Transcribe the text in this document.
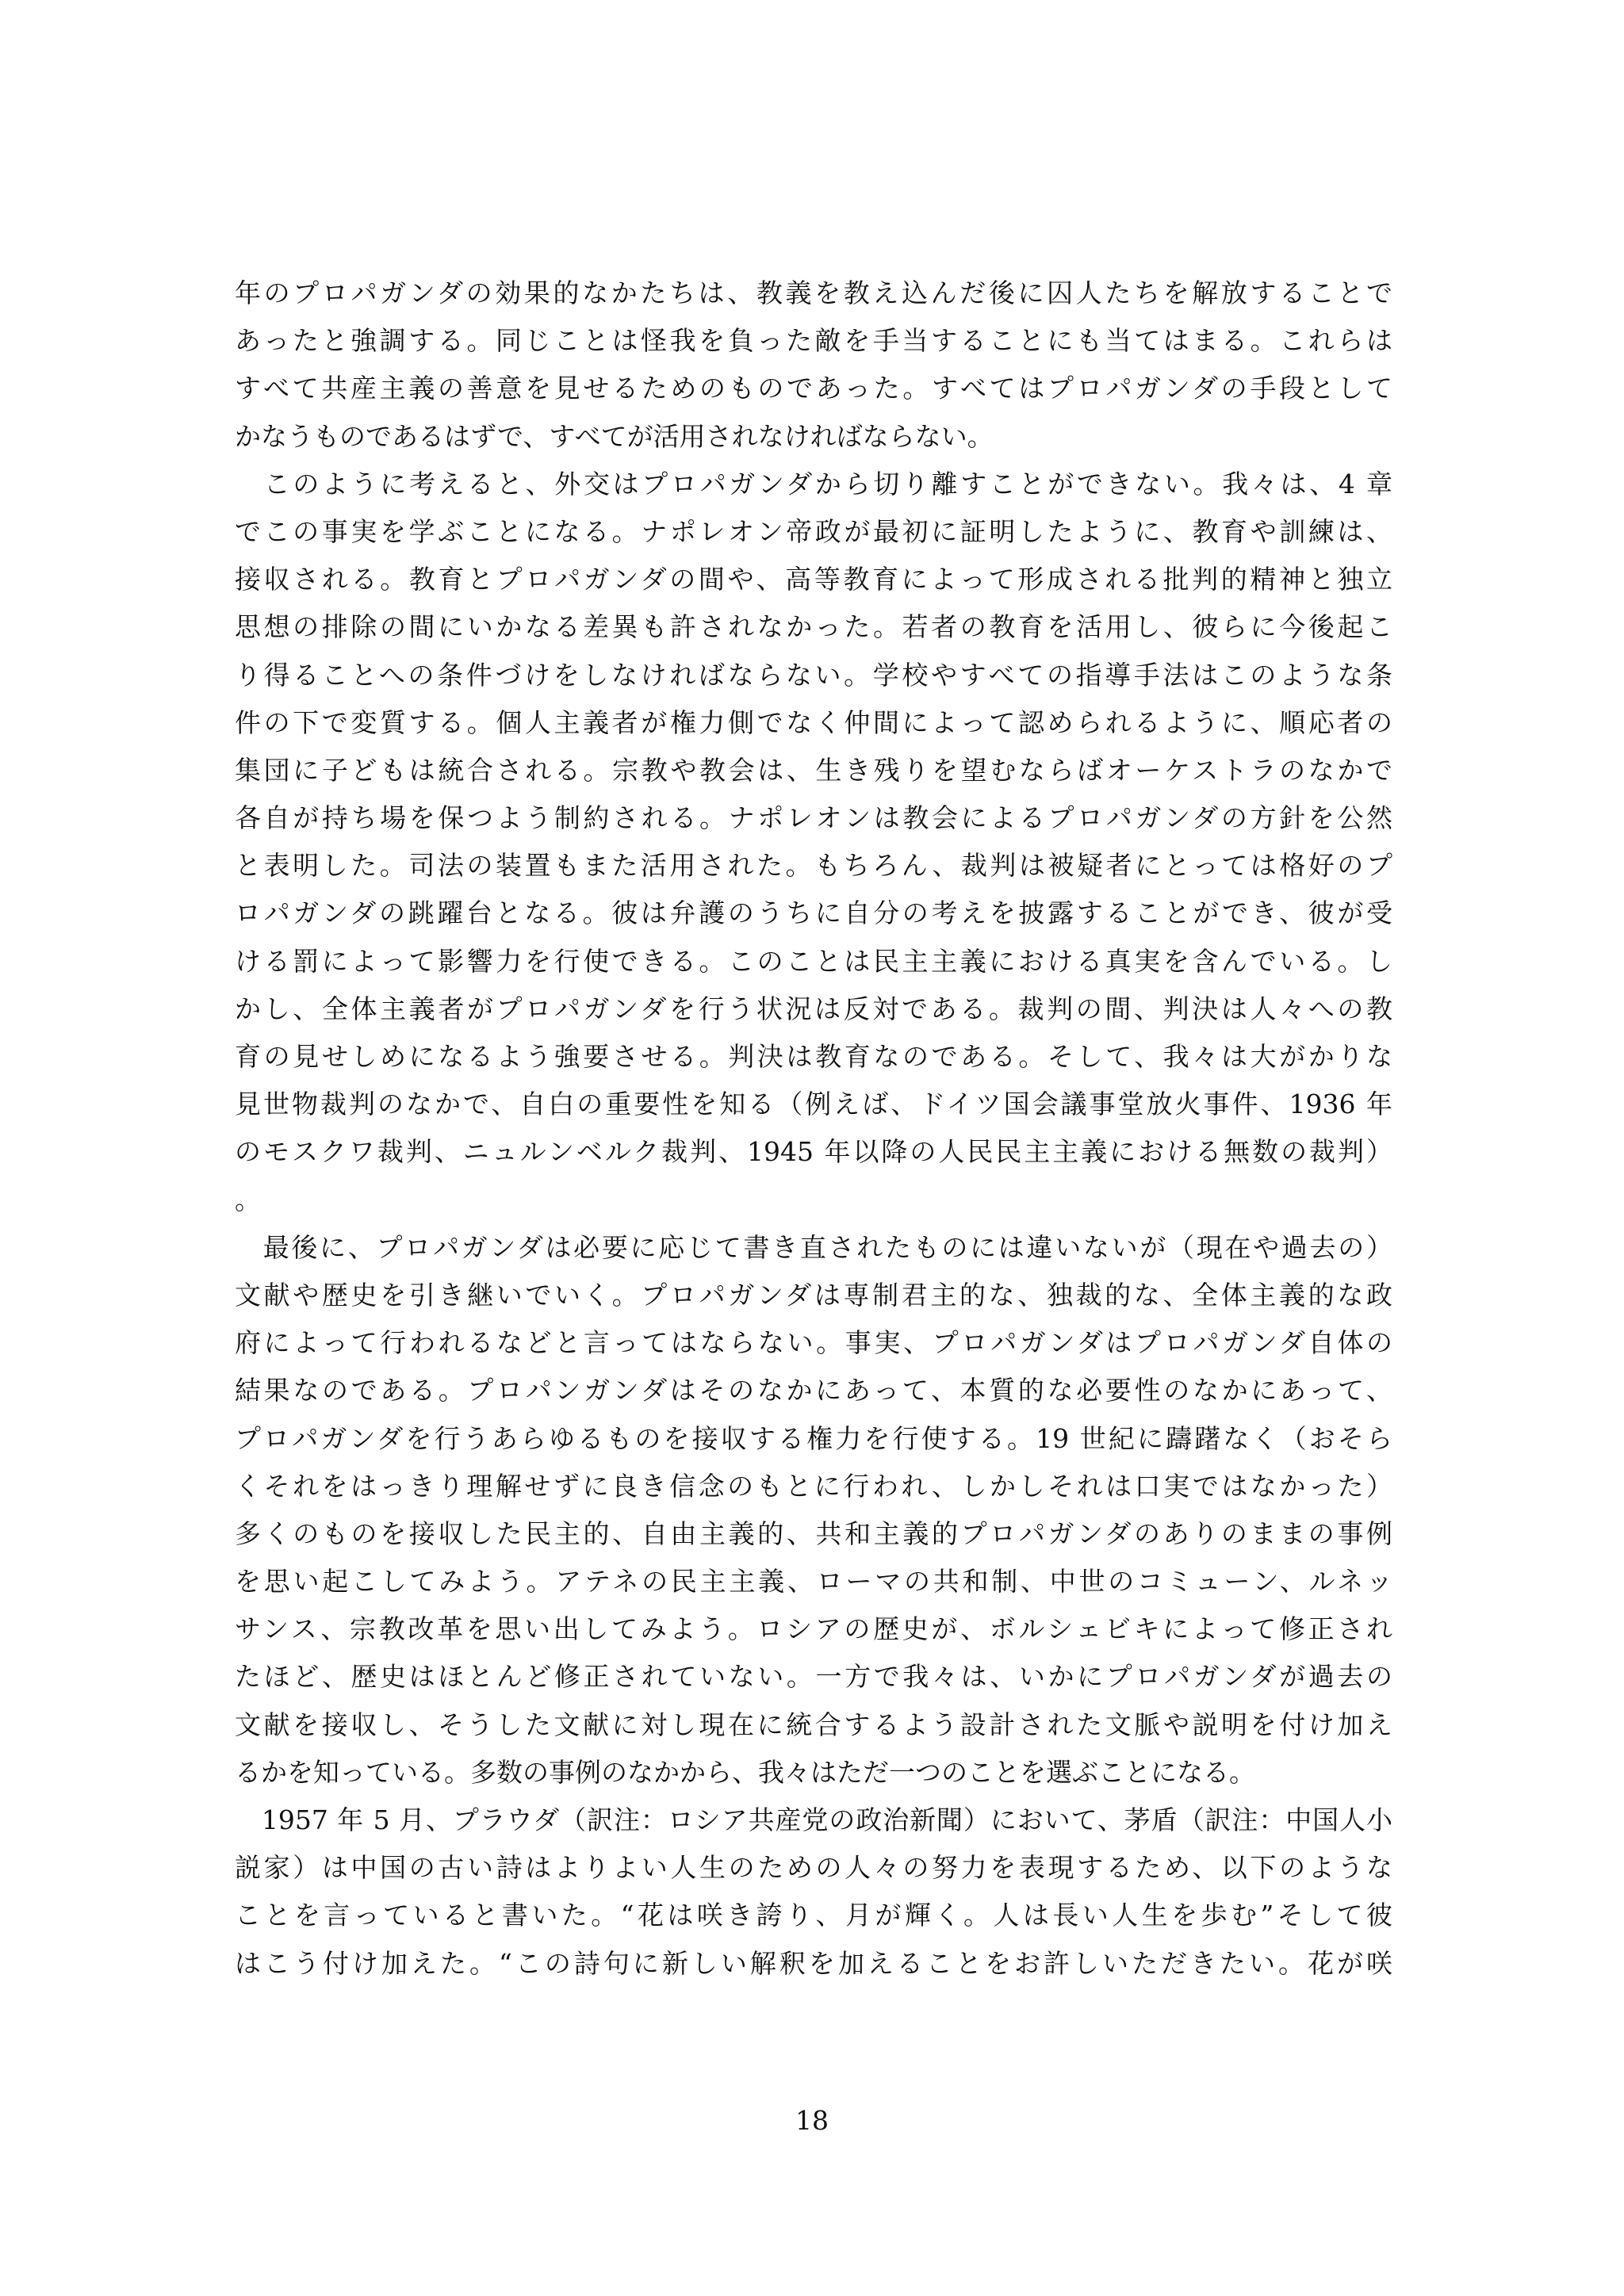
年のプロパガンダの効果的なかたちは、教義を教え込んだ後に囚人たちを解放することで
あったと強調する。同じことは怪我を負った敵を手当することにも当てはまる。これらは
すべて共産主義の善意を見せるためのものであった。すべてはプロパガンダの手段として
かなうものであるはずで、すべてが活用されなければならない。
　このように考えると、外交はプロパガンダから切り離すことができない。我々は、4 章
でこの事実を学ぶことになる。ナポレオン帝政が最初に証明したように、教育や訓練は、
接収される。教育とプロパガンダの間や、高等教育によって形成される批判的精神と独立
思想の排除の間にいかなる差異も許されなかった。若者の教育を活用し、彼らに今後起こ
り得ることへの条件づけをしなければならない。学校やすべての指導手法はこのような条
件の下で変質する。個人主義者が権力側でなく仲間によって認められるように、順応者の
集団に子どもは統合される。宗教や教会は、生き残りを望むならばオーケストラのなかで
各自が持ち場を保つよう制約される。ナポレオンは教会によるプロパガンダの方針を公然
と表明した。司法の装置もまた活用された。もちろん、裁判は被疑者にとっては格好のプ
ロパガンダの跳躍台となる。彼は弁護のうちに自分の考えを披露することができ、彼が受
ける罰によって影響力を行使できる。このことは民主主義における真実を含んでいる。し
かし、全体主義者がプロパガンダを行う状況は反対である。裁判の間、判決は人々への教
育の見せしめになるよう強要させる。判決は教育なのである。そして、我々は大がかりな
見世物裁判のなかで、自白の重要性を知る（例えば、ドイツ国会議事堂放火事件、1936 年
のモスクワ裁判、ニュルンベルク裁判、1945 年以降の人民民主主義における無数の裁判）
。
　最後に、プロパガンダは必要に応じて書き直されたものには違いないが（現在や過去の）
文献や歴史を引き継いでいく。プロパガンダは専制君主的な、独裁的な、全体主義的な政
府によって行われるなどと言ってはならない。事実、プロパガンダはプロパガンダ自体の
結果なのである。プロパンガンダはそのなかにあって、本質的な必要性のなかにあって、
プロパガンダを行うあらゆるものを接収する権力を行使する。19 世紀に躊躇なく（おそら
くそれをはっきり理解せずに良き信念のもとに行われ、しかしそれは口実ではなかった）
多くのものを接収した民主的、自由主義的、共和主義的プロパガンダのありのままの事例
を思い起こしてみよう。アテネの民主主義、ローマの共和制、中世のコミューン、ルネッ
サンス、宗教改革を思い出してみよう。ロシアの歴史が、ボルシェビキによって修正され
たほど、歴史はほとんど修正されていない。一方で我々は、いかにプロパガンダが過去の
文献を接収し、そうした文献に対し現在に統合するよう設計された文脈や説明を付け加え
るかを知っている。多数の事例のなかから、我々はただ一つのことを選ぶことになる。
　1957 年 5 月、プラウダ（訳注：ロシア共産党の政治新聞）において、茅盾（訳注：中国人小
説家）は中国の古い詩はよりよい人生のための人々の努力を表現するため、以下のような
ことを言っていると書いた。“花は咲き誇り、月が輝く。人は長い人生を歩む”そして彼
はこう付け加えた。“この詩句に新しい解釈を加えることをお許しいただきたい。花が咲
18
